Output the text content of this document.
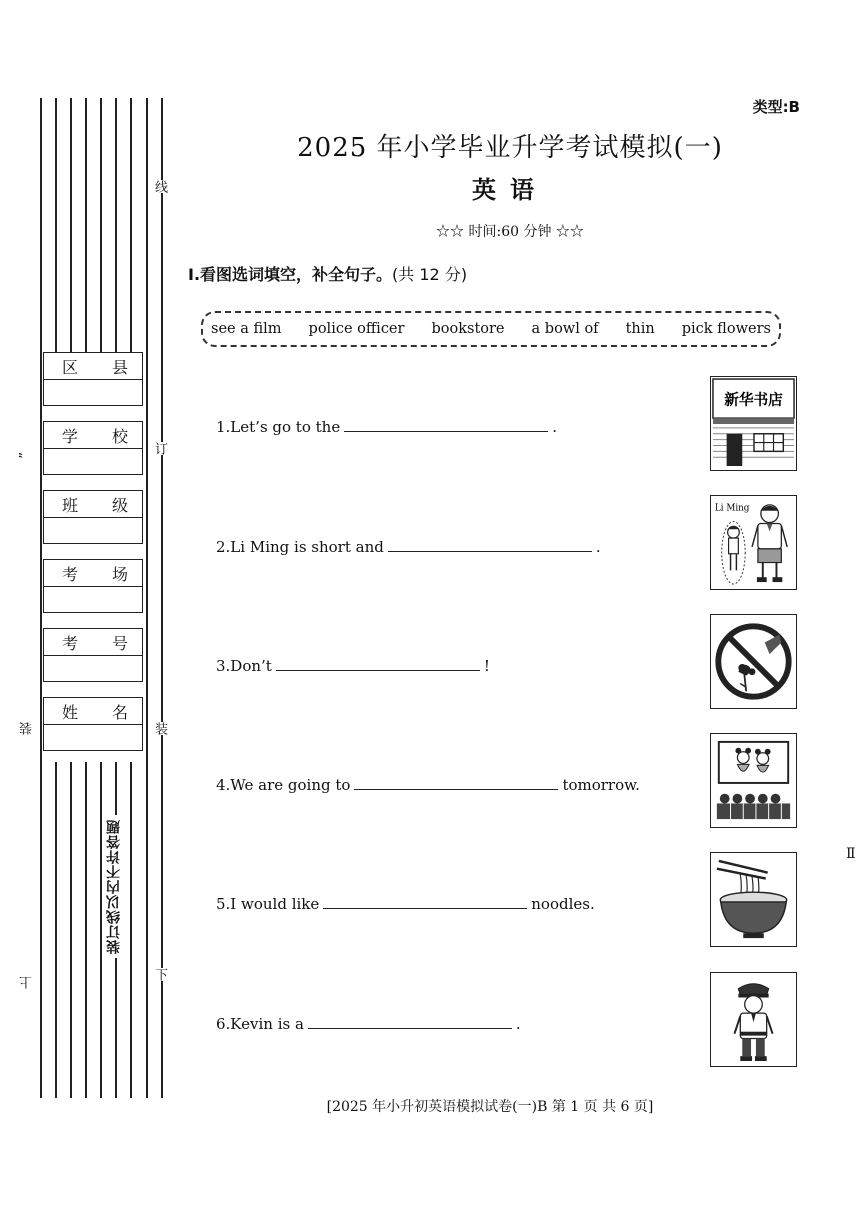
线
订
装
下
装
上
”
装订线以内不许答题
区 县
学 校
班 级
考 场
考 号
姓 名
类型:B
2025 年小学毕业升学考试模拟(一)
英语
☆☆ 时间:60 分钟 ☆☆
Ⅰ.看图选词填空，补全句子。(共 12 分)
see a film police officer bookstore a bowl of thin pick flowers
1.Let’s go to the	.
2.Li Ming is short and	.
3.Don’t	!
4.We are going to	tomorrow.
5.I would like	noodles.
6.Kevin is a	.
新华书店
Li Ming
[2025 年小升初英语模拟试卷(一)B 第 1 页 共 6 页]
Ⅱ
